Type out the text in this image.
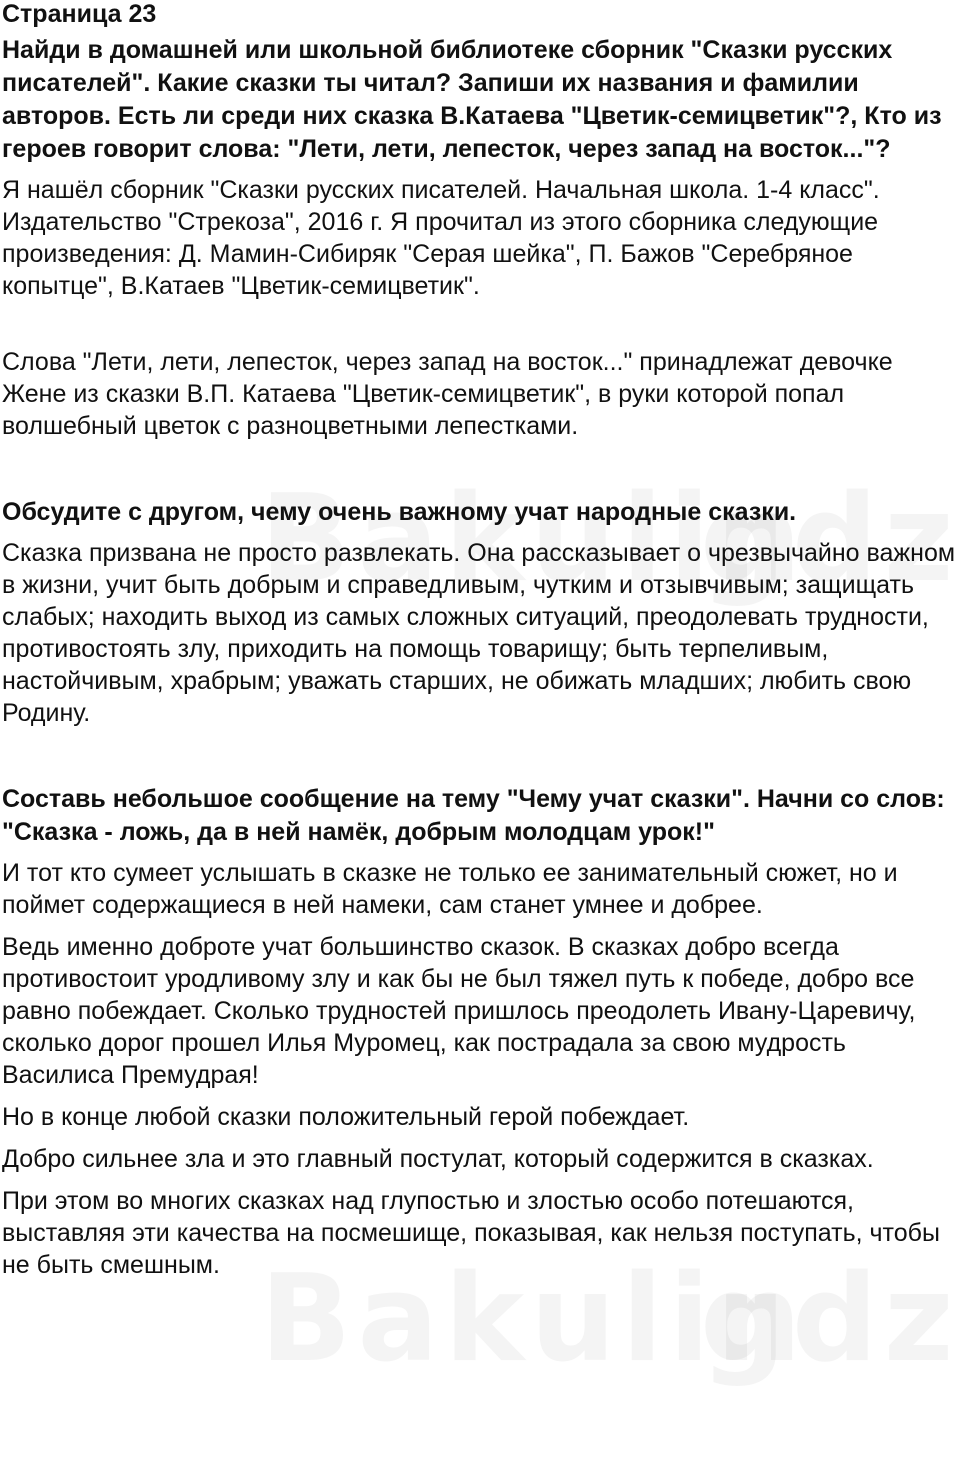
Страница 23

Найди в домашней или школьной библиотеке сборник "Сказки русских писателей". Какие сказки ты читал? Запиши их названия и фамилии авторов. Есть ли среди них сказка В.Катаева "Цветик-семицветик"?, Кто из героев говорит слова: "Лети, лети, лепесток, через запад на восток..."?

Я нашёл сборник "Сказки русских писателей. Начальная школа. 1-4 класс". Издательство "Стрекоза", 2016 г. Я прочитал из этого сборника следующие произведения: Д. Мамин-Сибиряк "Серая шейка", П. Бажов "Серебряное копытце", В.Катаев "Цветик-семицветик".

Слова "Лети, лети, лепесток, через запад на восток..." принадлежат девочке Жене из сказки В.П. Катаева "Цветик-семицветик", в руки которой попал волшебный цветок с разноцветными лепестками.

Обсудите с другом, чему очень важному учат народные сказки.

Сказка призвана не просто развлекать. Она рассказывает о чрезвычайно важном в жизни, учит быть добрым и справедливым, чутким и отзывчивым; защищать слабых; находить выход из самых сложных ситуаций, преодолевать трудности, противостоять злу, приходить на помощь товарищу; быть терпеливым, настойчивым, храбрым; уважать старших, не обижать младших; любить свою Родину.

Составь небольшое сообщение на тему "Чему учат сказки". Начни со слов: "Сказка - ложь, да в ней намёк, добрым молодцам урок!"

И тот кто сумеет услышать в сказке не только ее занимательный сюжет, но и поймет содержащиеся в ней намеки, сам станет умнее и добрее.

Ведь именно доброте учат большинство сказок. В сказках добро всегда противостоит уродливому злу и как бы не был тяжел путь к победе, добро все равно побеждает. Сколько трудностей пришлось преодолеть Ивану-Царевичу, сколько дорог прошел Илья Муромец, как пострадала за свою мудрость Василиса Премудрая!

Но в конце любой сказки положительный герой побеждает.

Добро сильнее зла и это главный постулат, который содержится в сказках.

При этом во многих сказках над глупостью и злостью особо потешаются, выставляя эти качества на посмешище, показывая, как нельзя поступать, чтобы не быть смешным.
